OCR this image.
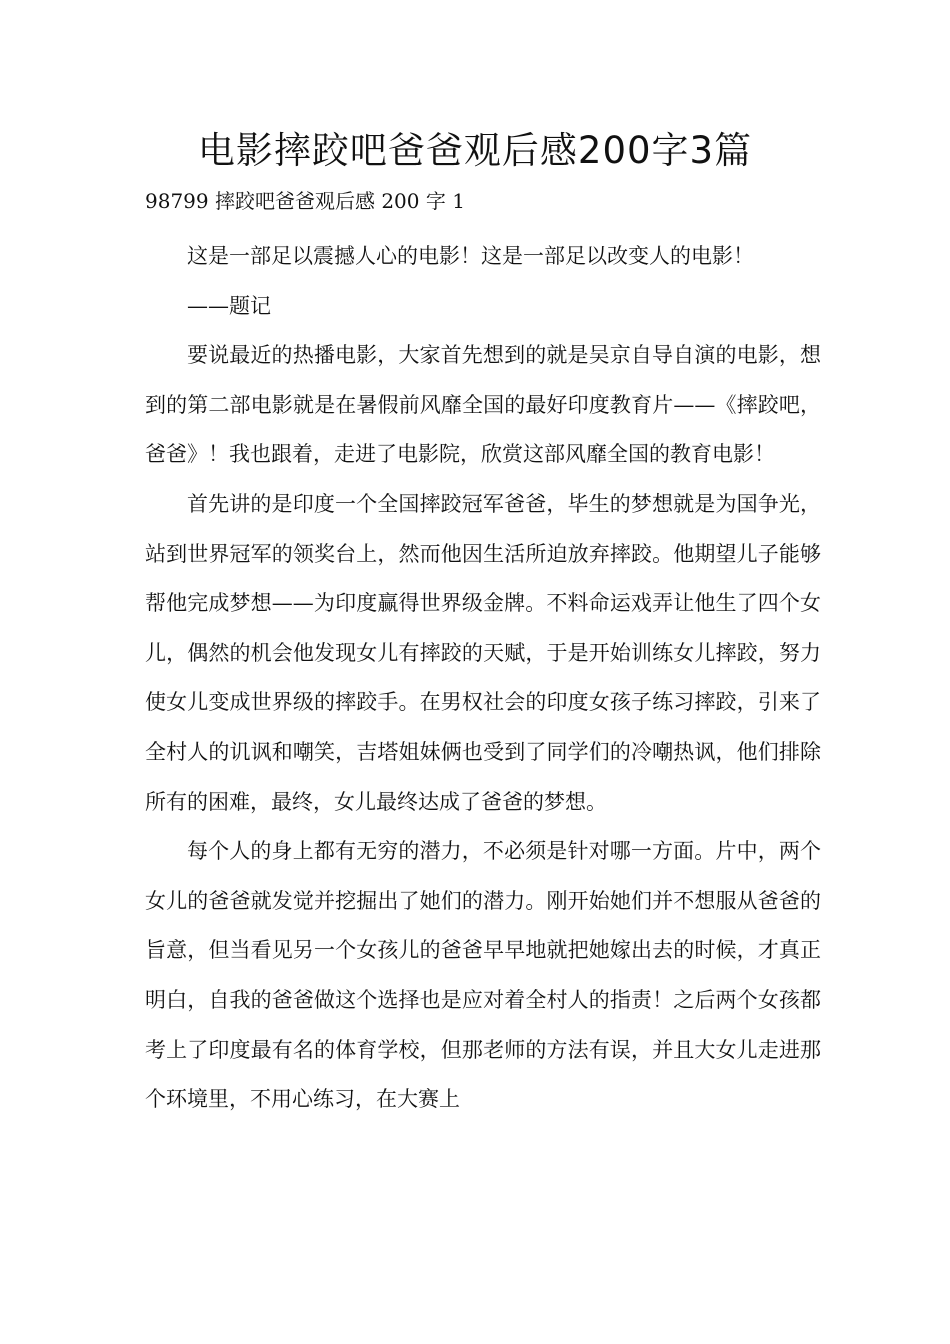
电影摔跤吧爸爸观后感200字3篇
98799 摔跤吧爸爸观后感 200 字 1

这是一部足以震撼人心的电影！这是一部足以改变人的电影！

——题记

要说最近的热播电影，大家首先想到的就是吴京自导自演的电影，想到的第二部电影就是在暑假前风靡全国的最好印度教育片——《摔跤吧，爸爸》！我也跟着，走进了电影院，欣赏这部风靡全国的教育电影！

首先讲的是印度一个全国摔跤冠军爸爸，毕生的梦想就是为国争光，站到世界冠军的领奖台上，然而他因生活所迫放弃摔跤。他期望儿子能够帮他完成梦想——为印度赢得世界级金牌。不料命运戏弄让他生了四个女儿，偶然的机会他发现女儿有摔跤的天赋，于是开始训练女儿摔跤，努力使女儿变成世界级的摔跤手。在男权社会的印度女孩子练习摔跤，引来了全村人的讥讽和嘲笑，吉塔姐妹俩也受到了同学们的冷嘲热讽，他们排除所有的困难，最终，女儿最终达成了爸爸的梦想。

每个人的身上都有无穷的潜力，不必须是针对哪一方面。片中，两个女儿的爸爸就发觉并挖掘出了她们的潜力。刚开始她们并不想服从爸爸的旨意，但当看见另一个女孩儿的爸爸早早地就把她嫁出去的时候，才真正明白，自我的爸爸做这个选择也是应对着全村人的指责！之后两个女孩都考上了印度最有名的体育学校，但那老师的方法有误，并且大女儿走进那个环境里，不用心练习，在大赛上
